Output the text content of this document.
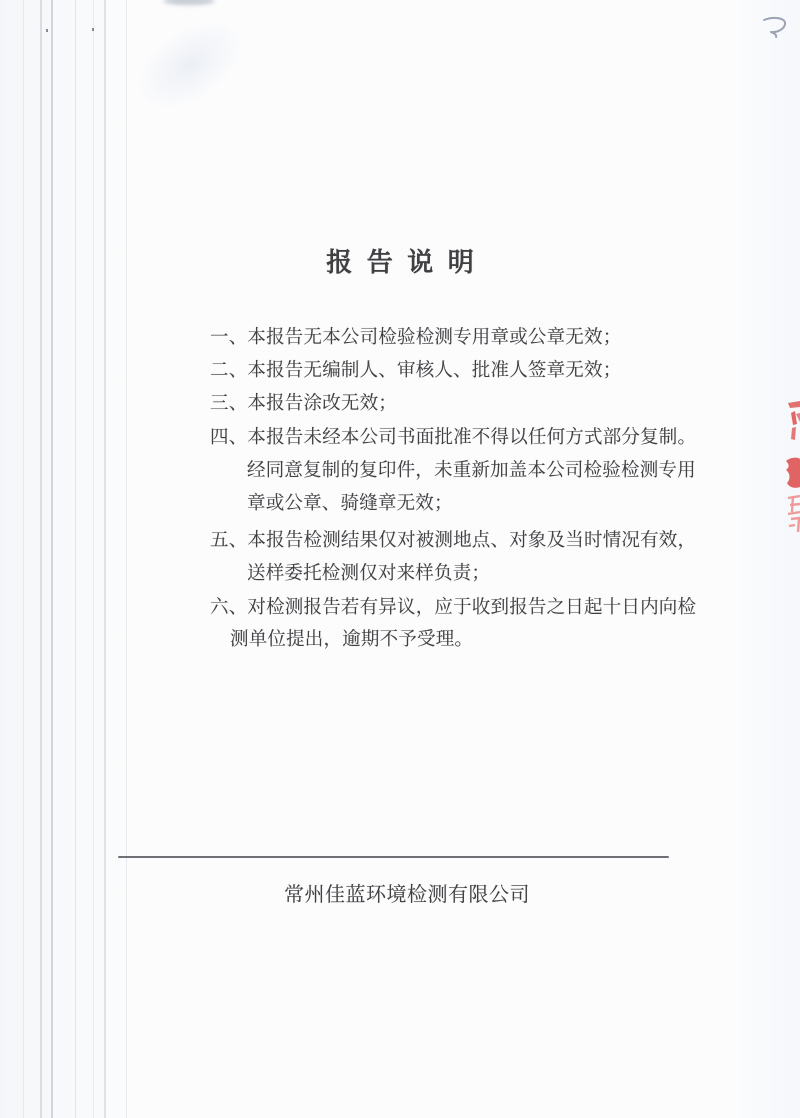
报 告 说 明
一、本报告无本公司检验检测专用章或公章无效；
二、本报告无编制人、审核人、批准人签章无效；
三、本报告涂改无效；
四、本报告未经本公司书面批准不得以任何方式部分复制。
经同意复制的复印件，未重新加盖本公司检验检测专用
章或公章、骑缝章无效；
五、本报告检测结果仅对被测地点、对象及当时情况有效，
送样委托检测仅对来样负责；
六、对检测报告若有异议，应于收到报告之日起十日内向检
测单位提出，逾期不予受理。
常州佳蓝环境检测有限公司
